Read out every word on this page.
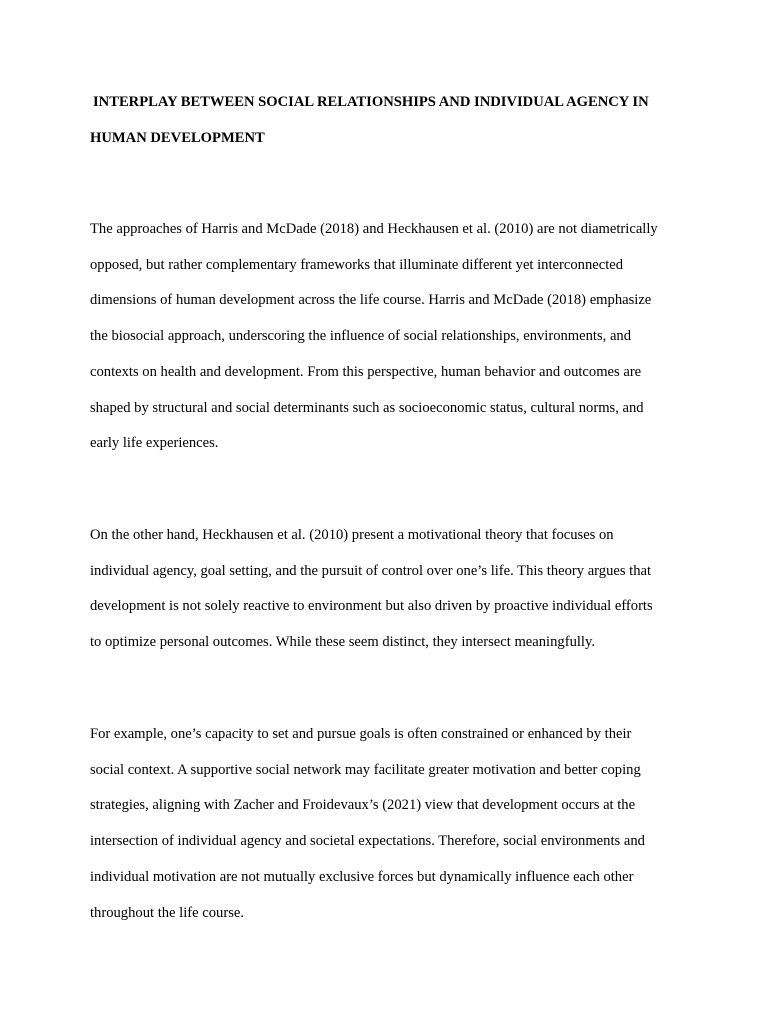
INTERPLAY BETWEEN SOCIAL RELATIONSHIPS AND INDIVIDUAL AGENCY IN
HUMAN DEVELOPMENT

The approaches of Harris and McDade (2018) and Heckhausen et al. (2010) are not diametrically
opposed, but rather complementary frameworks that illuminate different yet interconnected
dimensions of human development across the life course. Harris and McDade (2018) emphasize
the biosocial approach, underscoring the influence of social relationships, environments, and
contexts on health and development. From this perspective, human behavior and outcomes are
shaped by structural and social determinants such as socioeconomic status, cultural norms, and
early life experiences.

On the other hand, Heckhausen et al. (2010) present a motivational theory that focuses on
individual agency, goal setting, and the pursuit of control over one’s life. This theory argues that
development is not solely reactive to environment but also driven by proactive individual efforts
to optimize personal outcomes. While these seem distinct, they intersect meaningfully.

For example, one’s capacity to set and pursue goals is often constrained or enhanced by their
social context. A supportive social network may facilitate greater motivation and better coping
strategies, aligning with Zacher and Froidevaux’s (2021) view that development occurs at the
intersection of individual agency and societal expectations. Therefore, social environments and
individual motivation are not mutually exclusive forces but dynamically influence each other
throughout the life course.
